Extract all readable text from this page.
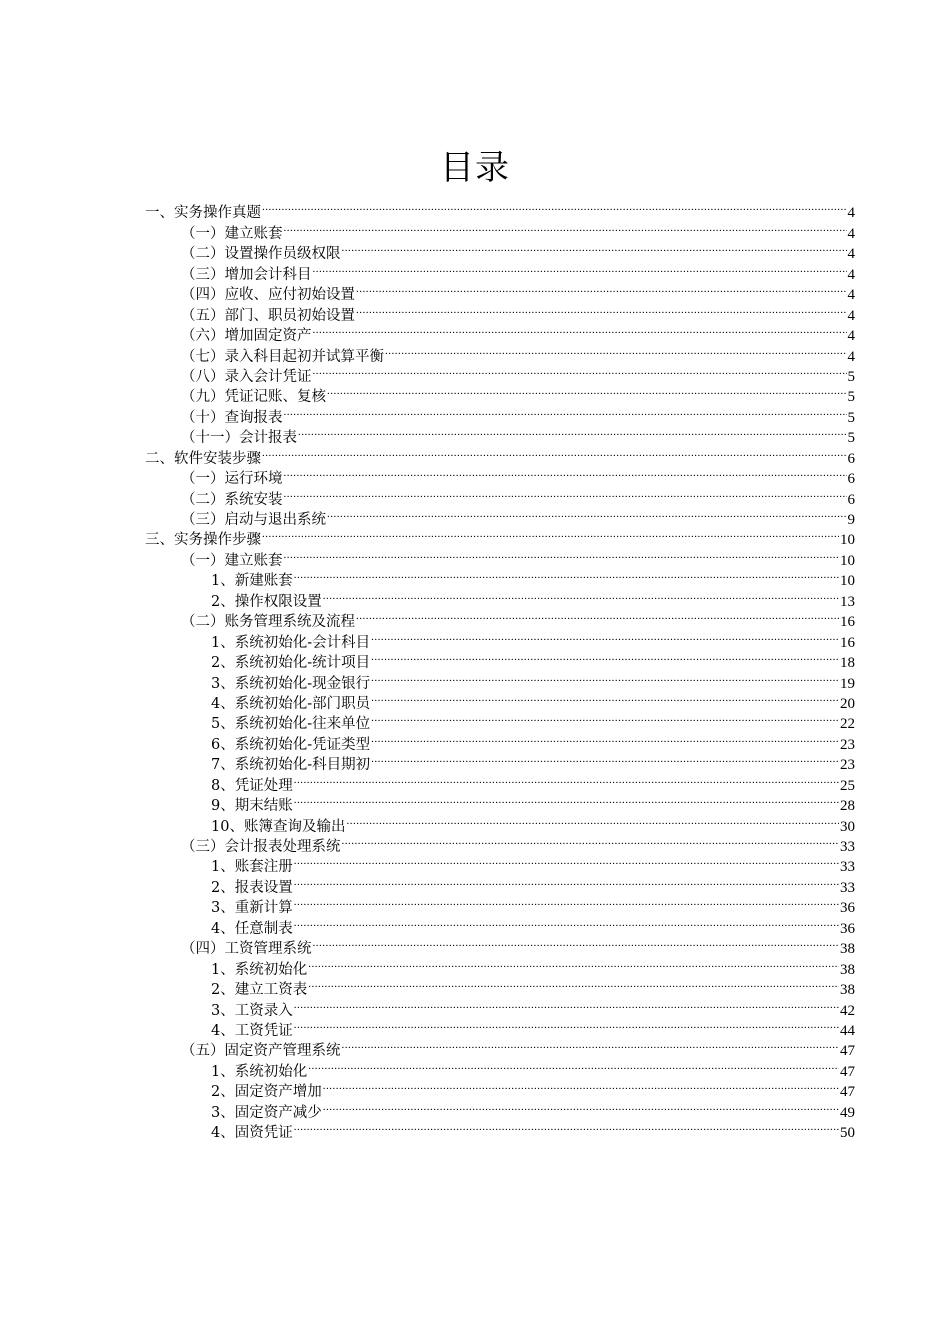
目录
一、实务操作真题 .....	4
（一）建立账套 .....	4
（二）设置操作员级权限 .....	4
（三）增加会计科目 .....	4
（四）应收、应付初始设置 .....	4
（五）部门、职员初始设置 .....	4
（六）增加固定资产 .....	4
（七）录入科目起初并试算平衡 .....	4
（八）录入会计凭证 .....	5
（九）凭证记账、复核 .....	5
（十）查询报表 .....	5
（十一）会计报表 .....	5
二、软件安装步骤 .....	6
（一）运行环境 .....	6
（二）系统安装 .....	6
（三）启动与退出系统 .....	9
三、实务操作步骤 .....	10
（一）建立账套 .....	10
1、新建账套 .....	10
2、操作权限设置 .....	13
（二）账务管理系统及流程 .....	16
1、系统初始化-会计科目 .....	16
2、系统初始化-统计项目 .....	18
3、系统初始化-现金银行 .....	19
4、系统初始化-部门职员 .....	20
5、系统初始化-往来单位 .....	22
6、系统初始化-凭证类型 .....	23
7、系统初始化-科目期初 .....	23
8、凭证处理 .....	25
9、期末结账 .....	28
10、账簿查询及输出 .....	30
（三）会计报表处理系统 .....	33
1、账套注册 .....	33
2、报表设置 .....	33
3、重新计算 .....	36
4、任意制表 .....	36
（四）工资管理系统 .....	38
1、系统初始化 .....	38
2、建立工资表 .....	38
3、工资录入 .....	42
4、工资凭证 .....	44
（五）固定资产管理系统 .....	47
1、系统初始化 .....	47
2、固定资产增加 .....	47
3、固定资产减少 .....	49
4、固资凭证 .....	50
